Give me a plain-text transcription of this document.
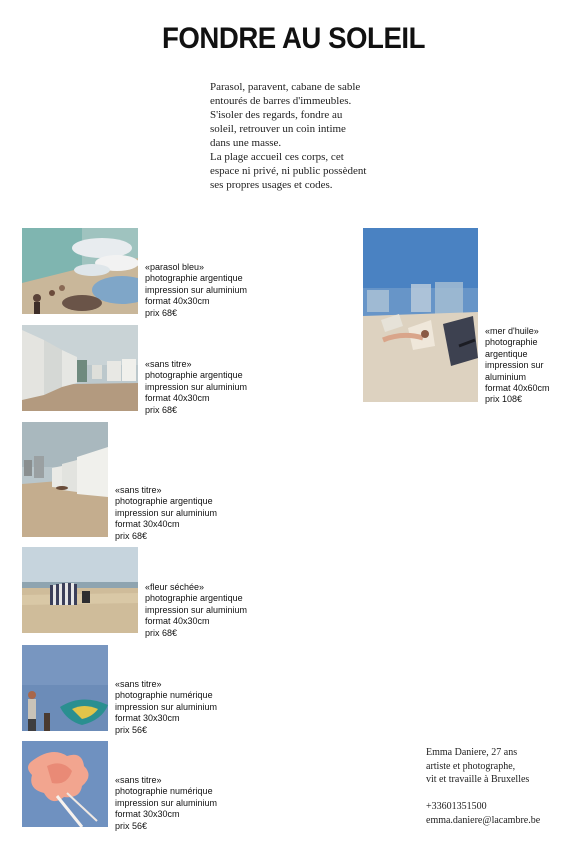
FONDRE AU SOLEIL

Parasol, paravent, cabane de sable
entourés de barres d'immeubles.
S'isoler des regards, fondre au
soleil, retrouver un coin intime
dans une masse.

La plage accueil ces corps, cet
espace ni privé, ni public possèdent
ses propres usages et codes.

«parasol bleu»
photographie argentique
impression sur aluminium
format 40x30cm
prix 68€
«sans titre»
photographie argentique
impression sur aluminium
format 40x30cm
prix 68€
«sans titre»
photographie argentique
impression sur aluminium
format 30x40cm
prix 68€
«fleur séchée»
photographie argentique
impression sur aluminium
format 40x30cm
prix 68€
«sans titre»
photographie numérique
impression sur aluminium
format 30x30cm
prix 56€
«sans titre»
photographie numérique
impression sur aluminium
format 30x30cm
prix 56€
«mer d'huile»
photographie argentique
impression sur aluminium
format 40x60cm
prix 108€
Emma Daniere, 27 ans
artiste et photographe,
vit et travaille à Bruxelles
+33601351500
emma.daniere@lacambre.be
